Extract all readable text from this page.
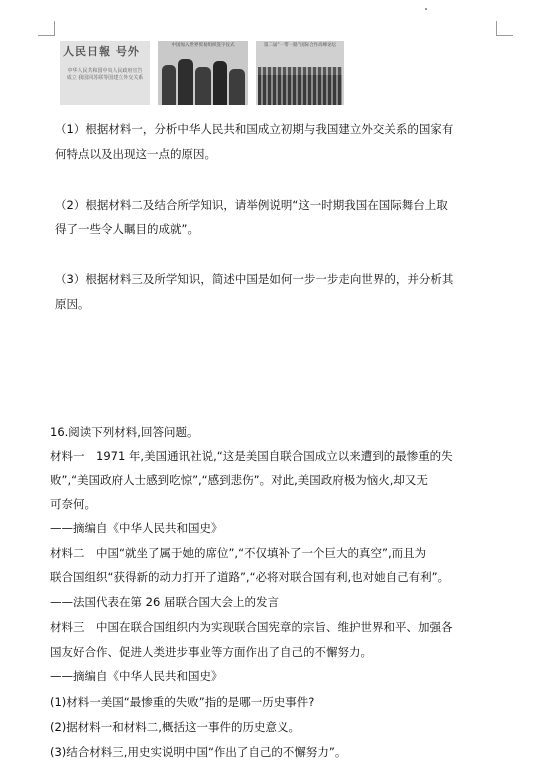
人民日報 号外
中华人民共和国中央人民政府宣告成立 我国同苏联等国建立外交关系
中国加入世界贸易组织签字仪式	第二届“一带一路”国际合作高峰论坛
（1）根据材料一，分析中华人民共和国成立初期与我国建立外交关系的国家有
何特点以及出现这一点的原因。
（2）根据材料二及结合所学知识，请举例说明“这一时期我国在国际舞台上取
得了一些令人瞩目的成就”。
（3）根据材料三及所学知识，简述中国是如何一步一步走向世界的，并分析其
原因。
16.阅读下列材料,回答问题。
材料一　1971 年,美国通讯社说,“这是美国自联合国成立以来遭到的最惨重的失
败”,“美国政府人士感到吃惊”,“感到悲伤”。对此,美国政府极为恼火,却又无
可奈何。
——摘编自《中华人民共和国史》
材料二　中国“就坐了属于她的席位”,“不仅填补了一个巨大的真空”,而且为
联合国组织“获得新的动力打开了道路”,“必将对联合国有利,也对她自己有利”。
——法国代表在第 26 届联合国大会上的发言
材料三　中国在联合国组织内为实现联合国宪章的宗旨、维护世界和平、加强各
国友好合作、促进人类进步事业等方面作出了自己的不懈努力。
——摘编自《中华人民共和国史》
(1)材料一美国“最惨重的失败”指的是哪一历史事件?
(2)据材料一和材料二,概括这一事件的历史意义。
(3)结合材料三,用史实说明中国“作出了自己的不懈努力”。
